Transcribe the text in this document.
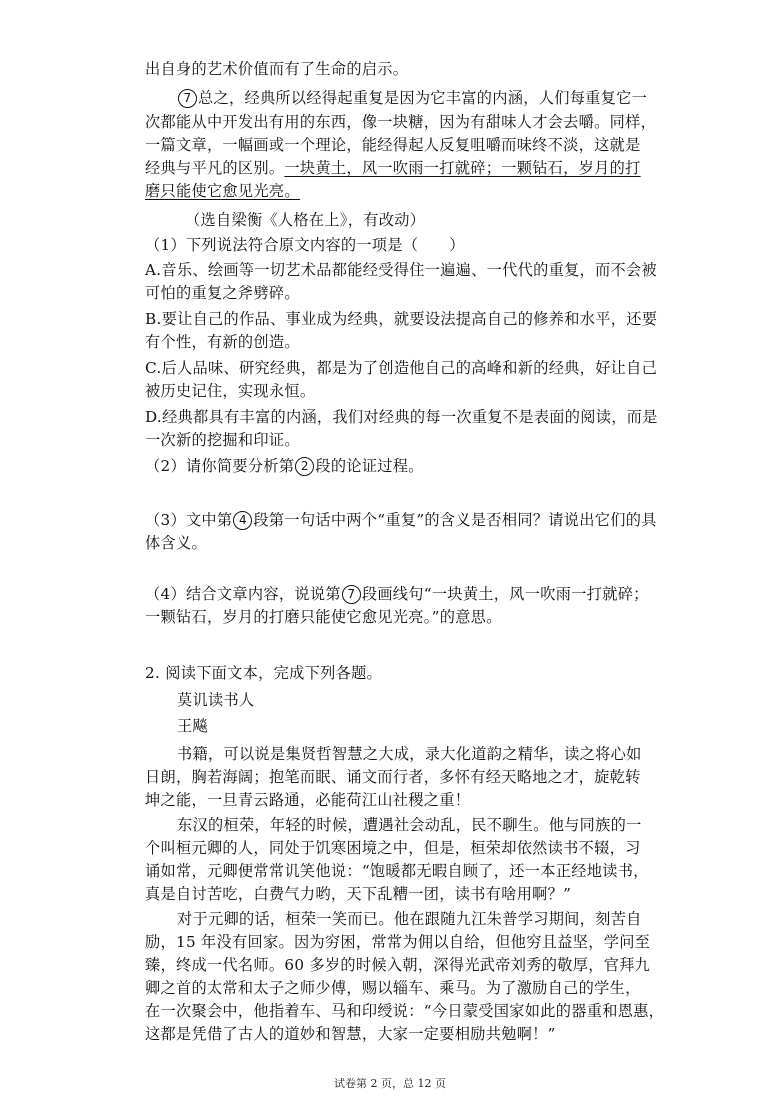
出自身的艺术价值而有了生命的启示。
7 总之，经典所以经得起重复是因为它丰富的内涵，人们每重复它一
次都能从中开发出有用的东西，像一块糖，因为有甜味人才会去嚼。同样，
一篇文章，一幅画或一个理论，能经得起人反复咀嚼而味终不淡，这就是
经典与平凡的区别。一块黄土，风一吹雨一打就碎；一颗钻石，岁月的打
磨只能使它愈见光亮。
（选自梁衡《人格在上》，有改动）
（1）下列说法符合原文内容的一项是（　　）
A.音乐、绘画等一切艺术品都能经受得住一遍遍、一代代的重复，而不会被
可怕的重复之斧劈碎。
B.要让自己的作品、事业成为经典，就要设法提高自己的修养和水平，还要
有个性，有新的创造。
C.后人品味、研究经典，都是为了创造他自己的高峰和新的经典，好让自己
被历史记住，实现永恒。
D.经典都具有丰富的内涵，我们对经典的每一次重复不是表面的阅读，而是
一次新的挖掘和印证。
（2）请你简要分析第 2 段的论证过程。
（3）文中第 4 段第一句话中两个“重复”的含义是否相同？请说出它们的具
体含义。
（4）结合文章内容，说说第 7 段画线句“一块黄土，风一吹雨一打就碎；
一颗钻石，岁月的打磨只能使它愈见光亮。”的意思。
2. 阅读下面文本，完成下列各题。
莫讥读书人
王飚
书籍，可以说是集贤哲智慧之大成，录大化道韵之精华，读之将心如
日朗，胸若海阔；抱笔而眠、诵文而行者，多怀有经天略地之才，旋乾转
坤之能，一旦青云路通，必能荷江山社稷之重！
东汉的桓荣，年轻的时候，遭遇社会动乱，民不聊生。他与同族的一
个叫桓元卿的人，同处于饥寒困境之中，但是，桓荣却依然读书不辍，习
诵如常，元卿便常常讥笑他说：“饱暖都无暇自顾了，还一本正经地读书，
真是自讨苦吃，白费气力哟，天下乱糟一团，读书有啥用啊？”
对于元卿的话，桓荣一笑而已。他在跟随九江朱普学习期间，刻苦自
励，15 年没有回家。因为穷困，常常为佣以自给，但他穷且益坚，学问至
臻，终成一代名师。60 多岁的时候入朝，深得光武帝刘秀的敬厚，官拜九
卿之首的太常和太子之师少傅，赐以辎车、乘马。为了激励自己的学生，
在一次聚会中，他指着车、马和印绶说：“今日蒙受国家如此的器重和恩惠，
这都是凭借了古人的道妙和智慧，大家一定要相励共勉啊！”
试卷第 2 页，总 12 页
